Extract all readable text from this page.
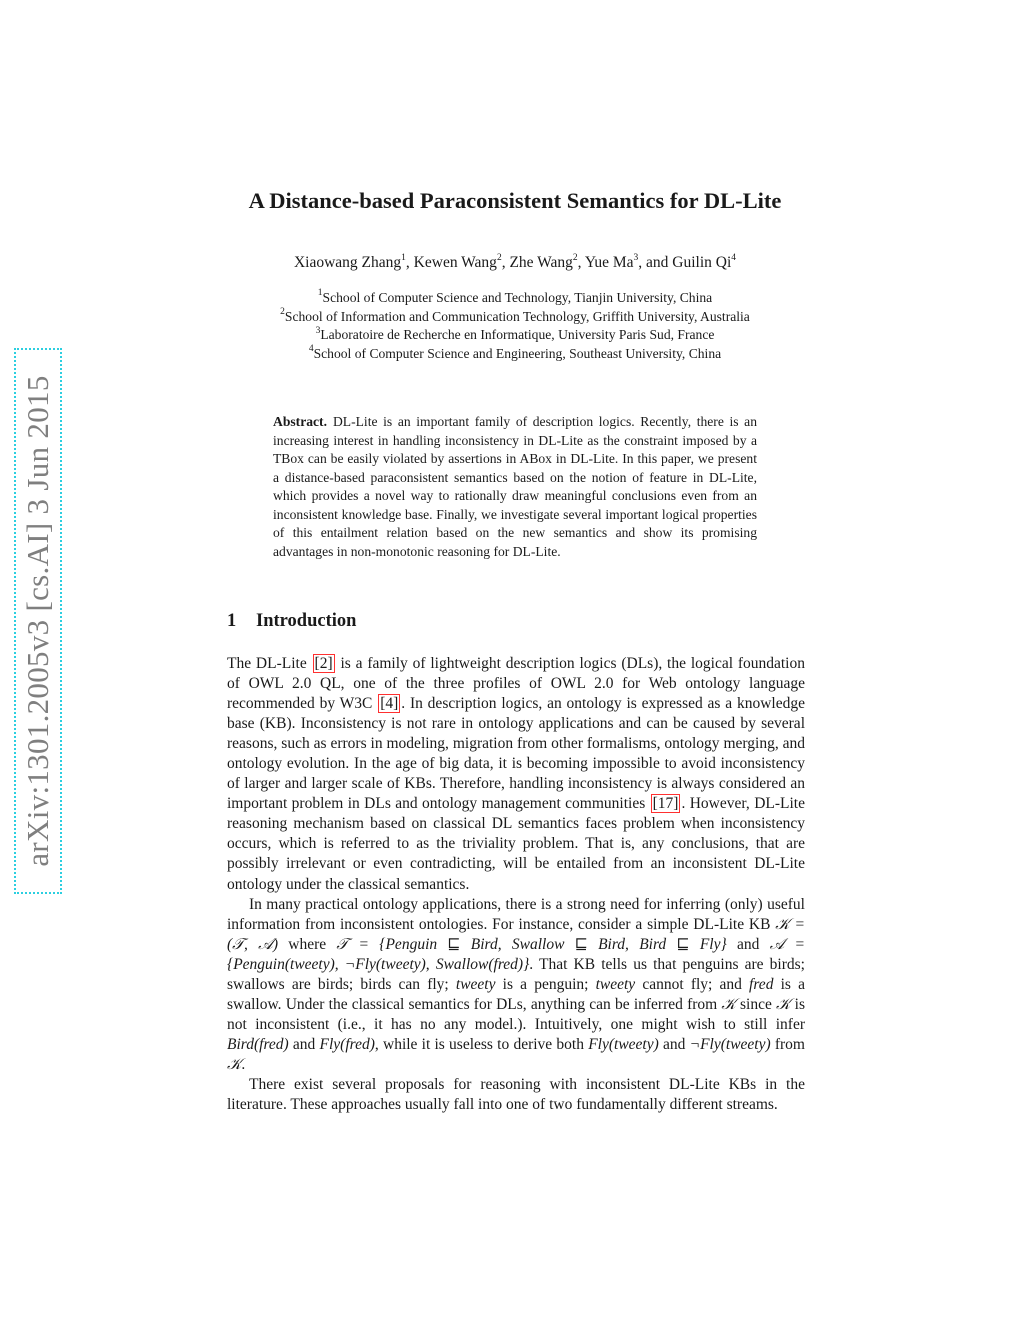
arXiv:1301.2005v3 [cs.AI] 3 Jun 2015
A Distance-based Paraconsistent Semantics for DL-Lite
Xiaowang Zhang$^1$, Kewen Wang$^2$, Zhe Wang$^2$, Yue Ma$^3$, and Guilin Qi$^4$
$^1$School of Computer Science and Technology, Tianjin University, China
$^2$School of Information and Communication Technology, Griffith University, Australia
$^3$Laboratoire de Recherche en Informatique, University Paris Sud, France
$^4$School of Computer Science and Engineering, Southeast University, China

Abstract. DL-Lite is an important family of description logics. Recently, there is an increasing interest in handling inconsistency in DL-Lite as the constraint imposed by a TBox can be easily violated by assertions in ABox in DL-Lite. In this paper, we present a distance-based paraconsistent semantics based on the notion of feature in DL-Lite, which provides a novel way to rationally draw meaningful conclusions even from an inconsistent knowledge base. Finally, we investigate several important logical properties of this entailment relation based on the new semantics and show its promising advantages in non-monotonic reasoning for DL-Lite.

1 Introduction

The DL-Lite [2] is a family of lightweight description logics (DLs), the logical foundation of OWL 2.0 QL, one of the three profiles of OWL 2.0 for Web ontology language recommended by W3C [4] . In description logics, an ontology is expressed as a knowledge base (KB). Inconsistency is not rare in ontology applications and can be caused by several reasons, such as errors in modeling, migration from other formalisms, ontology merging, and ontology evolution. In the age of big data, it is becoming impossible to avoid inconsistency of larger and larger scale of KBs. Therefore, handling inconsistency is always considered an important problem in DLs and ontology management communities [17] . However, DL-Lite reasoning mechanism based on classical DL semantics faces problem when inconsistency occurs, which is referred to as the triviality problem. That is, any conclusions, that are possibly irrelevant or even contradicting, will be entailed from an inconsistent DL-Lite ontology under the classical semantics.

In many practical ontology applications, there is a strong need for inferring (only) useful information from inconsistent ontologies. For instance, consider a simple DL-Lite KB 𝒦 = (𝒯, 𝒜) where 𝒯 = {Penguin ⊑ Bird, Swallow ⊑ Bird, Bird ⊑ Fly} and 𝒜 = {Penguin(tweety), ¬Fly(tweety), Swallow(fred)}. That KB tells us that penguins are birds; swallows are birds; birds can fly; tweety is a penguin; tweety cannot fly; and fred is a swallow. Under the classical semantics for DLs, anything can be inferred from 𝒦 since 𝒦 is not inconsistent (i.e., it has no any model.). Intuitively, one might wish to still infer Bird(fred) and Fly(fred), while it is useless to derive both Fly(tweety) and ¬Fly(tweety) from 𝒦.

There exist several proposals for reasoning with inconsistent DL-Lite KBs in the literature. These approaches usually fall into one of two fundamentally different streams.
